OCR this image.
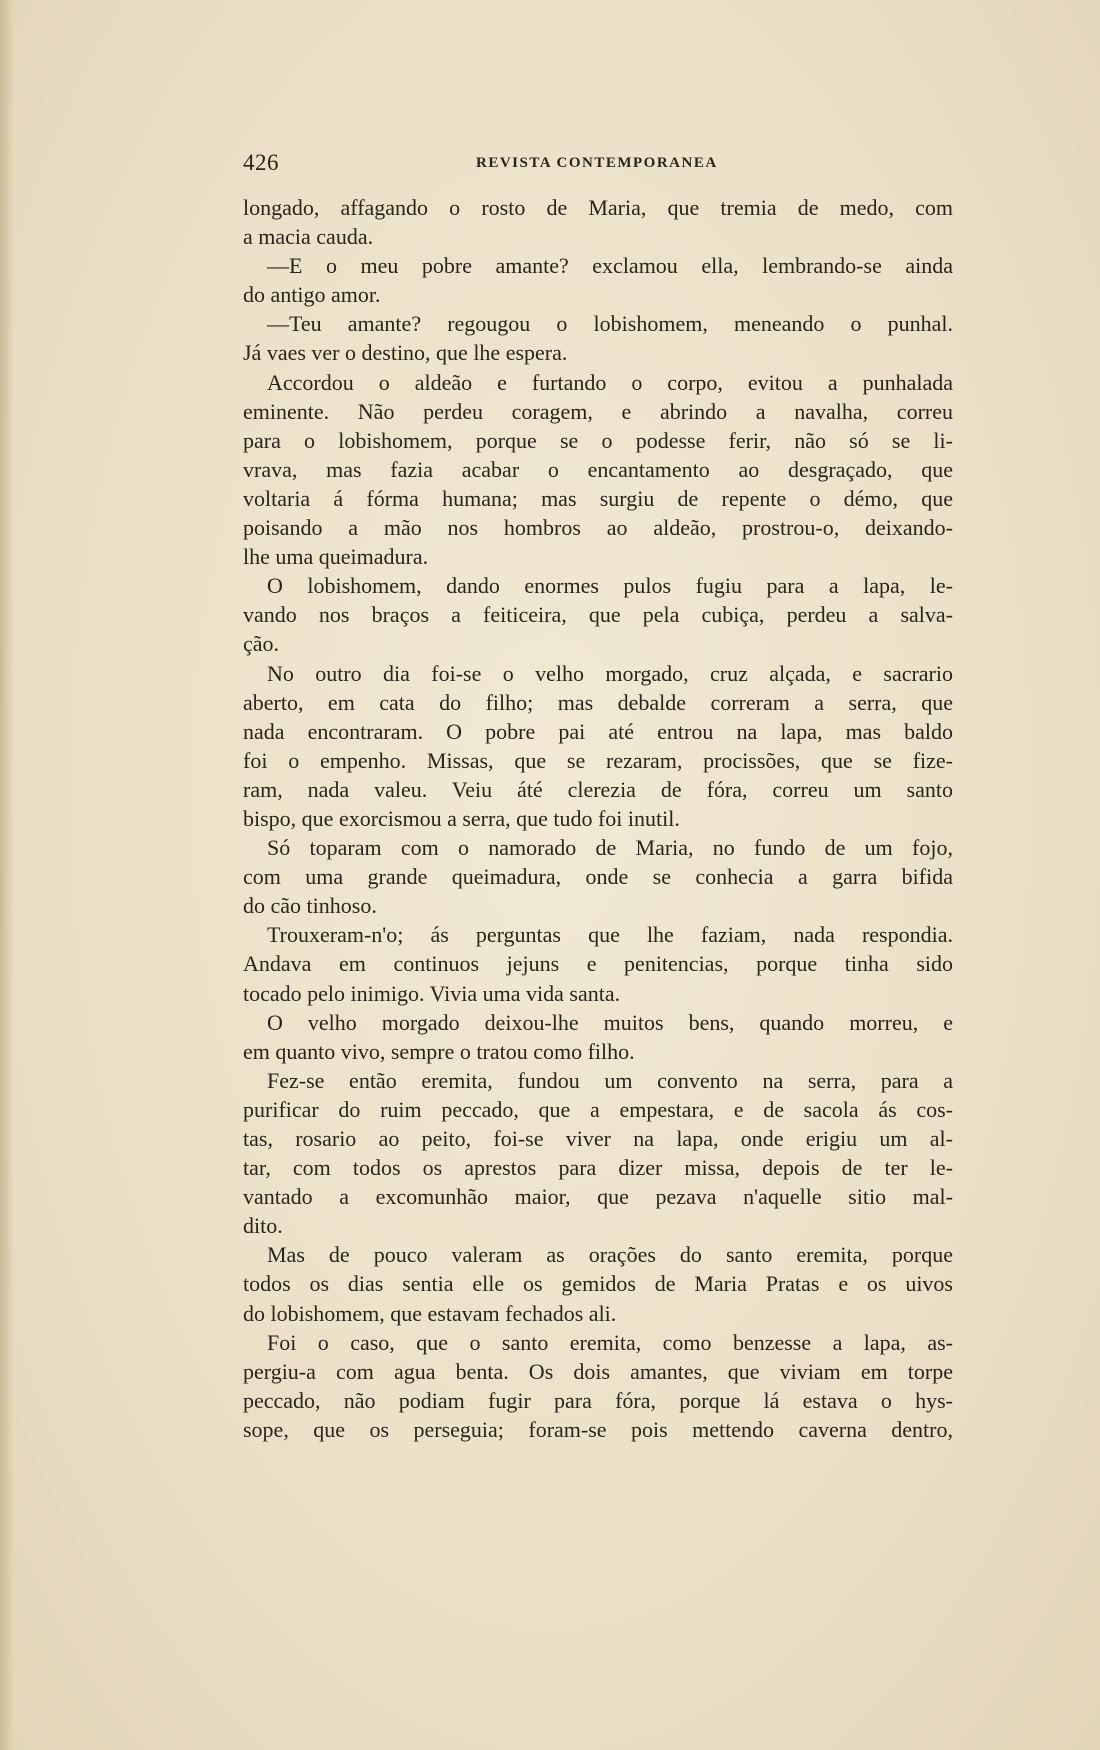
426	REVISTA CONTEMPORANEA
longado, affagando o rosto de Maria, que tremia de medo, com
a macia cauda.
—E o meu pobre amante? exclamou ella, lembrando-se ainda
do antigo amor.
—Teu amante? regougou o lobishomem, meneando o punhal.
Já vaes ver o destino, que lhe espera.
Accordou o aldeão e furtando o corpo, evitou a punhalada
eminente. Não perdeu coragem, e abrindo a navalha, correu
para o lobishomem, porque se o podesse ferir, não só se li-
vrava, mas fazia acabar o encantamento ao desgraçado, que
voltaria á fórma humana; mas surgiu de repente o démo, que
poisando a mão nos hombros ao aldeão, prostrou-o, deixando-
lhe uma queimadura.
O lobishomem, dando enormes pulos fugiu para a lapa, le-
vando nos braços a feiticeira, que pela cubiça, perdeu a salva-
ção.
No outro dia foi-se o velho morgado, cruz alçada, e sacrario
aberto, em cata do filho; mas debalde correram a serra, que
nada encontraram. O pobre pai até entrou na lapa, mas baldo
foi o empenho. Missas, que se rezaram, procissões, que se fize-
ram, nada valeu. Veiu áté clerezia de fóra, correu um santo
bispo, que exorcismou a serra, que tudo foi inutil.
Só toparam com o namorado de Maria, no fundo de um fojo,
com uma grande queimadura, onde se conhecia a garra bifida
do cão tinhoso.
Trouxeram-n'o; ás perguntas que lhe faziam, nada respondia.
Andava em continuos jejuns e penitencias, porque tinha sido
tocado pelo inimigo. Vivia uma vida santa.
O velho morgado deixou-lhe muitos bens, quando morreu, e
em quanto vivo, sempre o tratou como filho.
Fez-se então eremita, fundou um convento na serra, para a
purificar do ruim peccado, que a empestara, e de sacola ás cos-
tas, rosario ao peito, foi-se viver na lapa, onde erigiu um al-
tar, com todos os aprestos para dizer missa, depois de ter le-
vantado a excomunhão maior, que pezava n'aquelle sitio mal-
dito.
Mas de pouco valeram as orações do santo eremita, porque
todos os dias sentia elle os gemidos de Maria Pratas e os uivos
do lobishomem, que estavam fechados ali.
Foi o caso, que o santo eremita, como benzesse a lapa, as-
pergiu-a com agua benta. Os dois amantes, que viviam em torpe
peccado, não podiam fugir para fóra, porque lá estava o hys-
sope, que os perseguia; foram-se pois mettendo caverna dentro,
